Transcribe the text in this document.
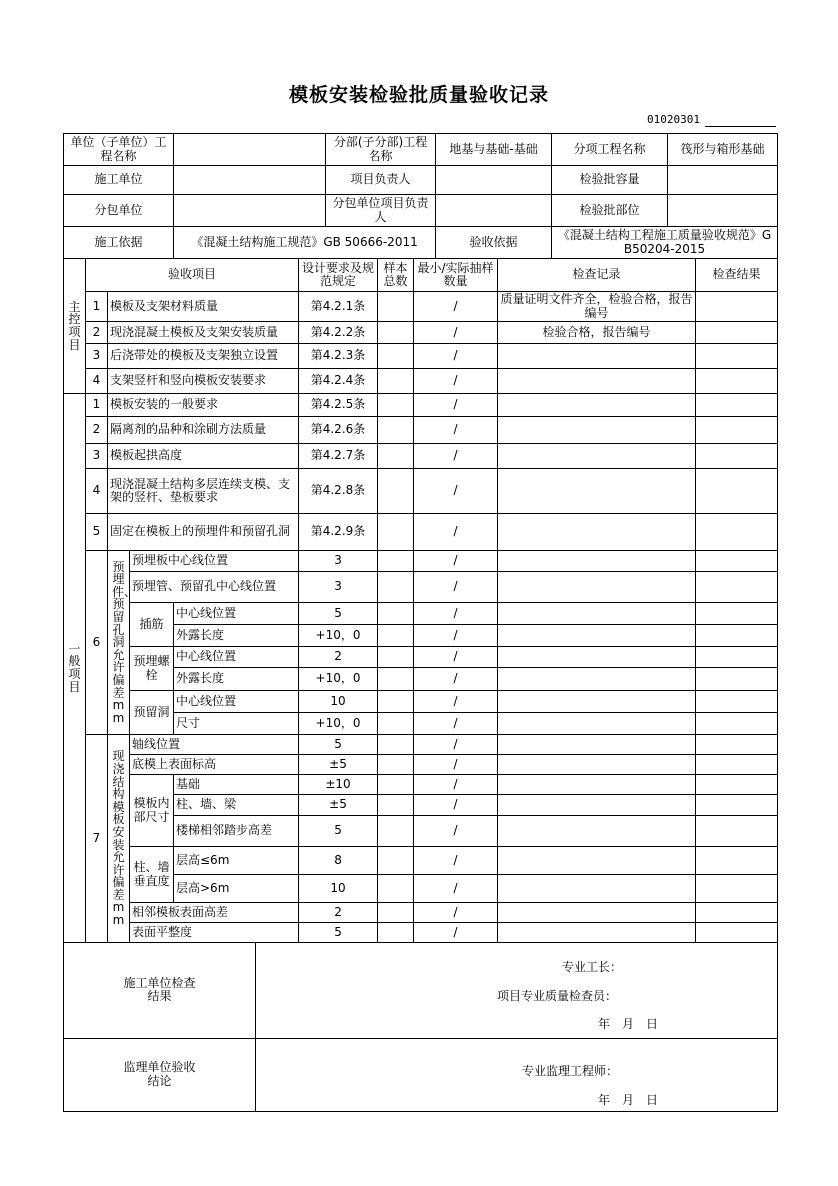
模板安装检验批质量验收记录
01020301
单位（子单位）工程名称					分部(子分部)工程名称			地基与基础-基础		分项工程名称	筏形与箱形基础	
施工单位					项目负责人					检验批容量		
分包单位					分包单位项目负责人					检验批部位		
施工依据			《混凝土结构施工规范》GB 50666-2011					验收依据		《混凝土结构工程施工质量验收规范》GB50204-2015		
主控项目	验收项目			设计要求及规范规定		样本总数	最小/实际抽样数量		检查记录			检查结果
	1	模板及支架材料质量		第4.2.1条			/		质量证明文件齐全，检验合格，报告编号			
	2	现浇混凝土模板及支架安装质量		第4.2.2条			/		检验合格，报告编号			
	3	后浇带处的模板及支架独立设置		第4.2.3条			/					
	4	支架竖杆和竖向模板安装要求		第4.2.4条			/					
一般项目	1	模板安装的一般要求			第4.2.5条		/		
	2	隔离剂的品种和涂刷方法质量			第4.2.6条		/		
	3	模板起拱高度			第4.2.7条		/		
	4	现浇混凝土结构多层连续支模、支架的竖杆、垫板要求			第4.2.8条		/		
	5	固定在模板上的预埋件和预留孔洞			第4.2.9条		/		
	6	预埋件、预留孔洞允许偏差mm	预埋板中心线位置		3		/		
			预埋管、预留孔中心线位置		3		/		
			插筋	中心线位置	5		/		
				外露长度	+10，0		/		
			预埋螺栓	中心线位置	2		/		
				外露长度	+10，0		/		
			预留洞	中心线位置	10		/		
				尺寸	+10，0		/		
	7	现浇结构模板安装允许偏差mm	轴线位置		5		/		
			底模上表面标高		±5		/		
			模板内部尺寸	基础	±10		/		
				柱、墙、梁	±5		/		
				楼梯相邻踏步高差	5		/		
			柱、墙垂直度	层高≤6m	8		/		
				层高>6m	10		/		
			相邻模板表面高差		2		/		
			表面平整度		5		/		
施工单位检查结果	专业工长：
项目专业质量检查员：
年　月　日

监理单位验收结论	专业监理工程师：
年　月　日
